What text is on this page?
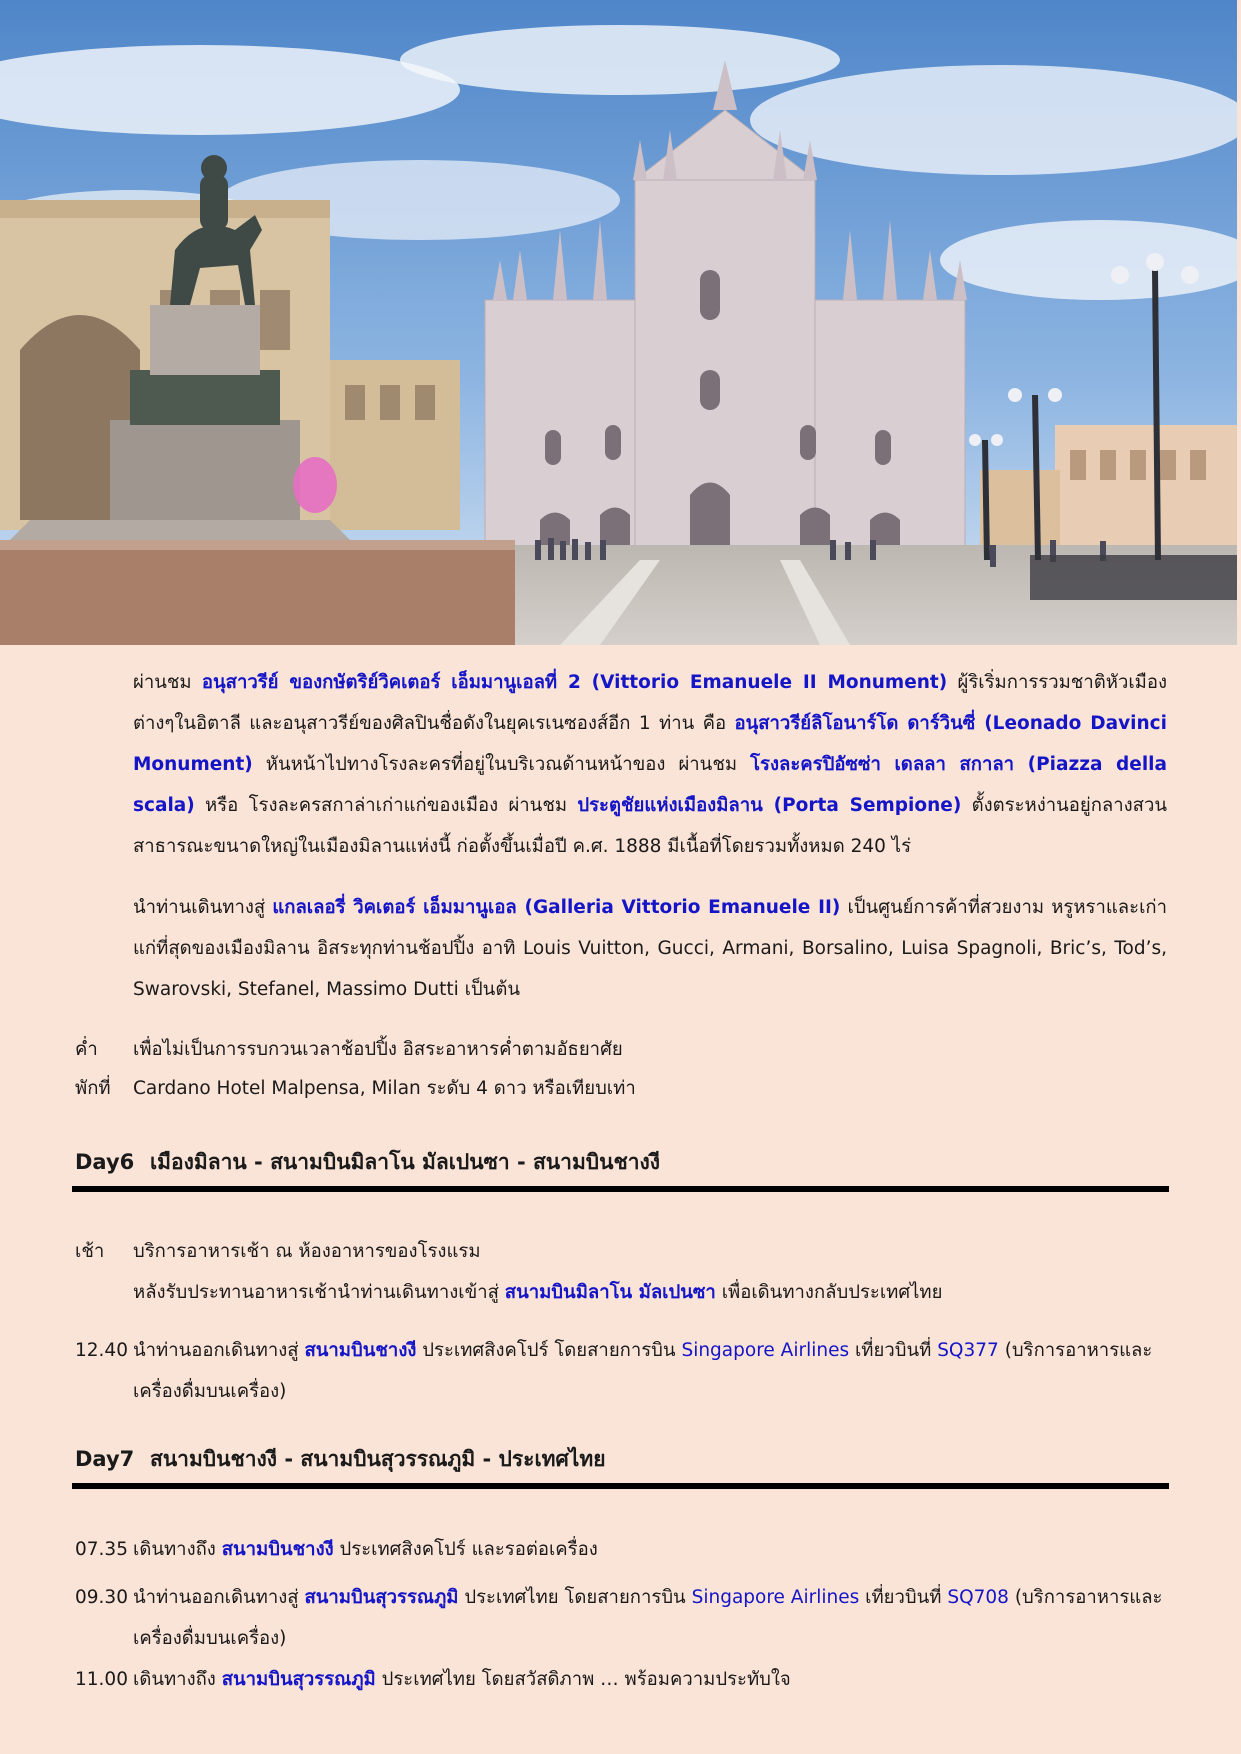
ผ่านชม อนุสาวรีย์ ของกษัตริย์วิคเตอร์ เอ็มมานูเอลที่ 2 (Vittorio Emanuele II Monument) ผู้ริเริ่มการรวมชาติหัวเมืองต่างๆในอิตาลี และอนุสาวรีย์ของศิลปินชื่อดังในยุคเรเนซองส์อีก 1 ท่าน คือ อนุสาวรีย์ลิโอนาร์โด ดาร์วินซี่ (Leonado Davinci Monument) หันหน้าไปทางโรงละครที่อยู่ในบริเวณด้านหน้าของ ผ่านชม โรงละครปิอัซซ่า เดลลา สกาลา (Piazza della scala) หรือ โรงละครสกาล่าเก่าแก่ของเมือง ผ่านชม ประตูชัยแห่งเมืองมิลาน (Porta Sempione) ตั้งตระหง่านอยู่กลางสวนสาธารณะขนาดใหญ่ในเมืองมิลานแห่งนี้ ก่อตั้งขึ้นเมื่อปี ค.ศ. 1888 มีเนื้อที่โดยรวมทั้งหมด 240 ไร่
นำท่านเดินทางสู่ แกลเลอรี่ วิคเตอร์ เอ็มมานูเอล (Galleria Vittorio Emanuele II) เป็นศูนย์การค้าที่สวยงาม หรูหราและเก่าแก่ที่สุดของเมืองมิลาน อิสระทุกท่านช้อปปิ้ง อาทิ Louis Vuitton, Gucci, Armani, Borsalino, Luisa Spagnoli, Bric’s, Tod’s, Swarovski, Stefanel, Massimo Dutti เป็นต้น
ค่ำ	เพื่อไม่เป็นการรบกวนเวลาช้อปปิ้ง อิสระอาหารค่ำตามอัธยาศัย
พักที่	Cardano Hotel Malpensa, Milan ระดับ 4 ดาว หรือเทียบเท่า
Day6 เมืองมิลาน - สนามบินมิลาโน มัลเปนซา - สนามบินชางงี
เช้า	บริการอาหารเช้า ณ ห้องอาหารของโรงแรม
หลังรับประทานอาหารเช้านำท่านเดินทางเข้าสู่ สนามบินมิลาโน มัลเปนซา เพื่อเดินทางกลับประเทศไทย
12.40 นำท่านออกเดินทางสู่ สนามบินชางงี ประเทศสิงคโปร์ โดยสายการบิน Singapore Airlines เที่ยวบินที่ SQ377 (บริการอาหารและเครื่องดื่มบนเครื่อง)
Day7 สนามบินชางงี - สนามบินสุวรรณภูมิ - ประเทศไทย
07.35 เดินทางถึง สนามบินชางงี ประเทศสิงคโปร์ และรอต่อเครื่อง
09.30 นำท่านออกเดินทางสู่ สนามบินสุวรรณภูมิ ประเทศไทย โดยสายการบิน Singapore Airlines เที่ยวบินที่ SQ708 (บริการอาหารและเครื่องดื่มบนเครื่อง)
11.00 เดินทางถึง สนามบินสุวรรณภูมิ ประเทศไทย โดยสวัสดิภาพ … พร้อมความประทับใจ
